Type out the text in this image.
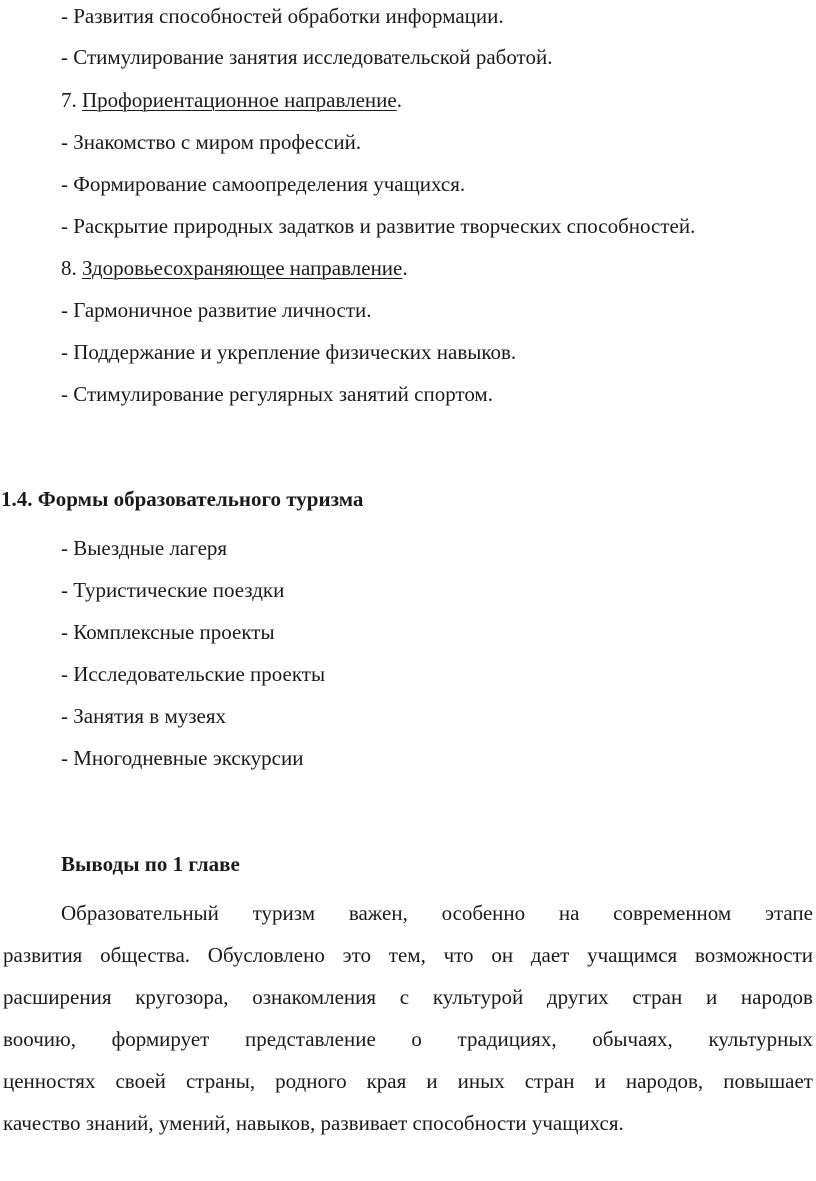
- Развития способностей обработки информации.

- Стимулирование занятия исследовательской работой.

7. Профориентационное направление.

- Знакомство с миром профессий.

- Формирование самоопределения учащихся.

- Раскрытие природных задатков и развитие творческих способностей.

8. Здоровьесохраняющее направление.

- Гармоничное развитие личности.

- Поддержание и укрепление физических навыков.

- Стимулирование регулярных занятий спортом.

1.4. Формы образовательного туризма

- Выездные лагеря

- Туристические поездки

- Комплексные проекты

- Исследовательские проекты

- Занятия в музеях

- Многодневные экскурсии

Выводы по 1 главе

Образовательный туризм важен, особенно на современном этапе

развития общества. Обусловлено это тем, что он дает учащимся возможности

расширения кругозора, ознакомления с культурой других стран и народов

воочию, формирует представление о традициях, обычаях, культурных

ценностях своей страны, родного края и иных стран и народов, повышает

качество знаний, умений, навыков, развивает способности учащихся.
